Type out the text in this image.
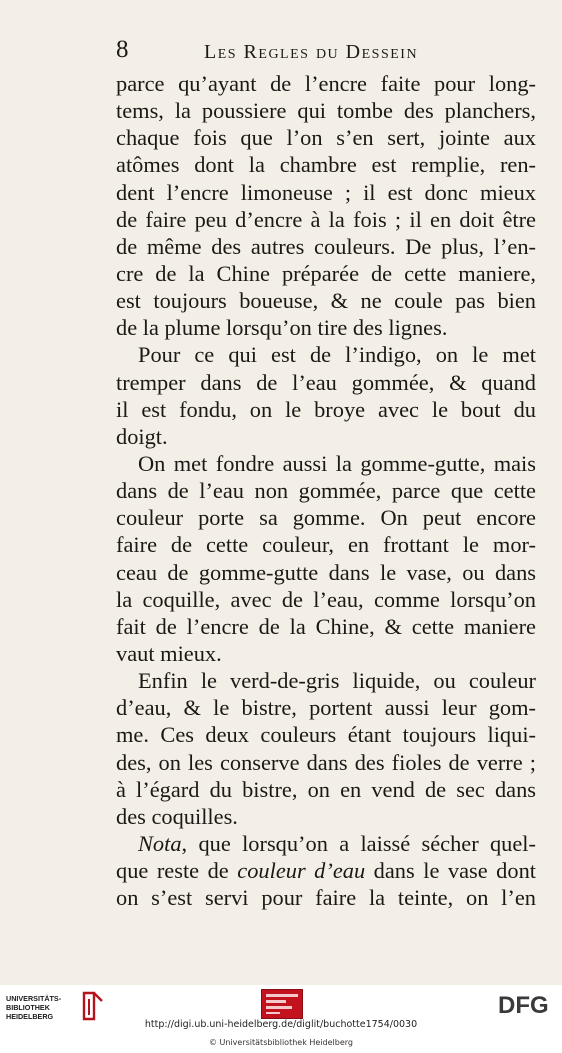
8	Les Regles du Dessein
parce qu’ayant de l’encre faite pour long-
tems, la poussiere qui tombe des planchers,
chaque fois que l’on s’en sert, jointe aux
atômes dont la chambre est remplie, ren-
dent l’encre limoneuse ; il est donc mieux
de faire peu d’encre à la fois ; il en doit être
de même des autres couleurs. De plus, l’en-
cre de la Chine préparée de cette maniere,
est toujours boueuse, & ne coule pas bien
de la plume lorsqu’on tire des lignes.
Pour ce qui est de l’indigo, on le met
tremper dans de l’eau gommée, & quand
il est fondu, on le broye avec le bout du
doigt.
On met fondre aussi la gomme-gutte, mais
dans de l’eau non gommée, parce que cette
couleur porte sa gomme. On peut encore
faire de cette couleur, en frottant le mor-
ceau de gomme-gutte dans le vase, ou dans
la coquille, avec de l’eau, comme lorsqu’on
fait de l’encre de la Chine, & cette maniere
vaut mieux.
Enfin le verd-de-gris liquide, ou couleur
d’eau, & le bistre, portent aussi leur gom-
me. Ces deux couleurs étant toujours liqui-
des, on les conserve dans des fioles de verre ;
à l’égard du bistre, on en vend de sec dans
des coquilles.
Nota, que lorsqu’on a laissé sécher quel-
que reste de couleur d’eau dans le vase dont
on s’est servi pour faire la teinte, on l’en
UNIVERSITÄTS-
BIBLIOTHEK
HEIDELBERG	DFG
http://digi.ub.uni-heidelberg.de/diglit/buchotte1754/0030
© Universitätsbibliothek Heidelberg
